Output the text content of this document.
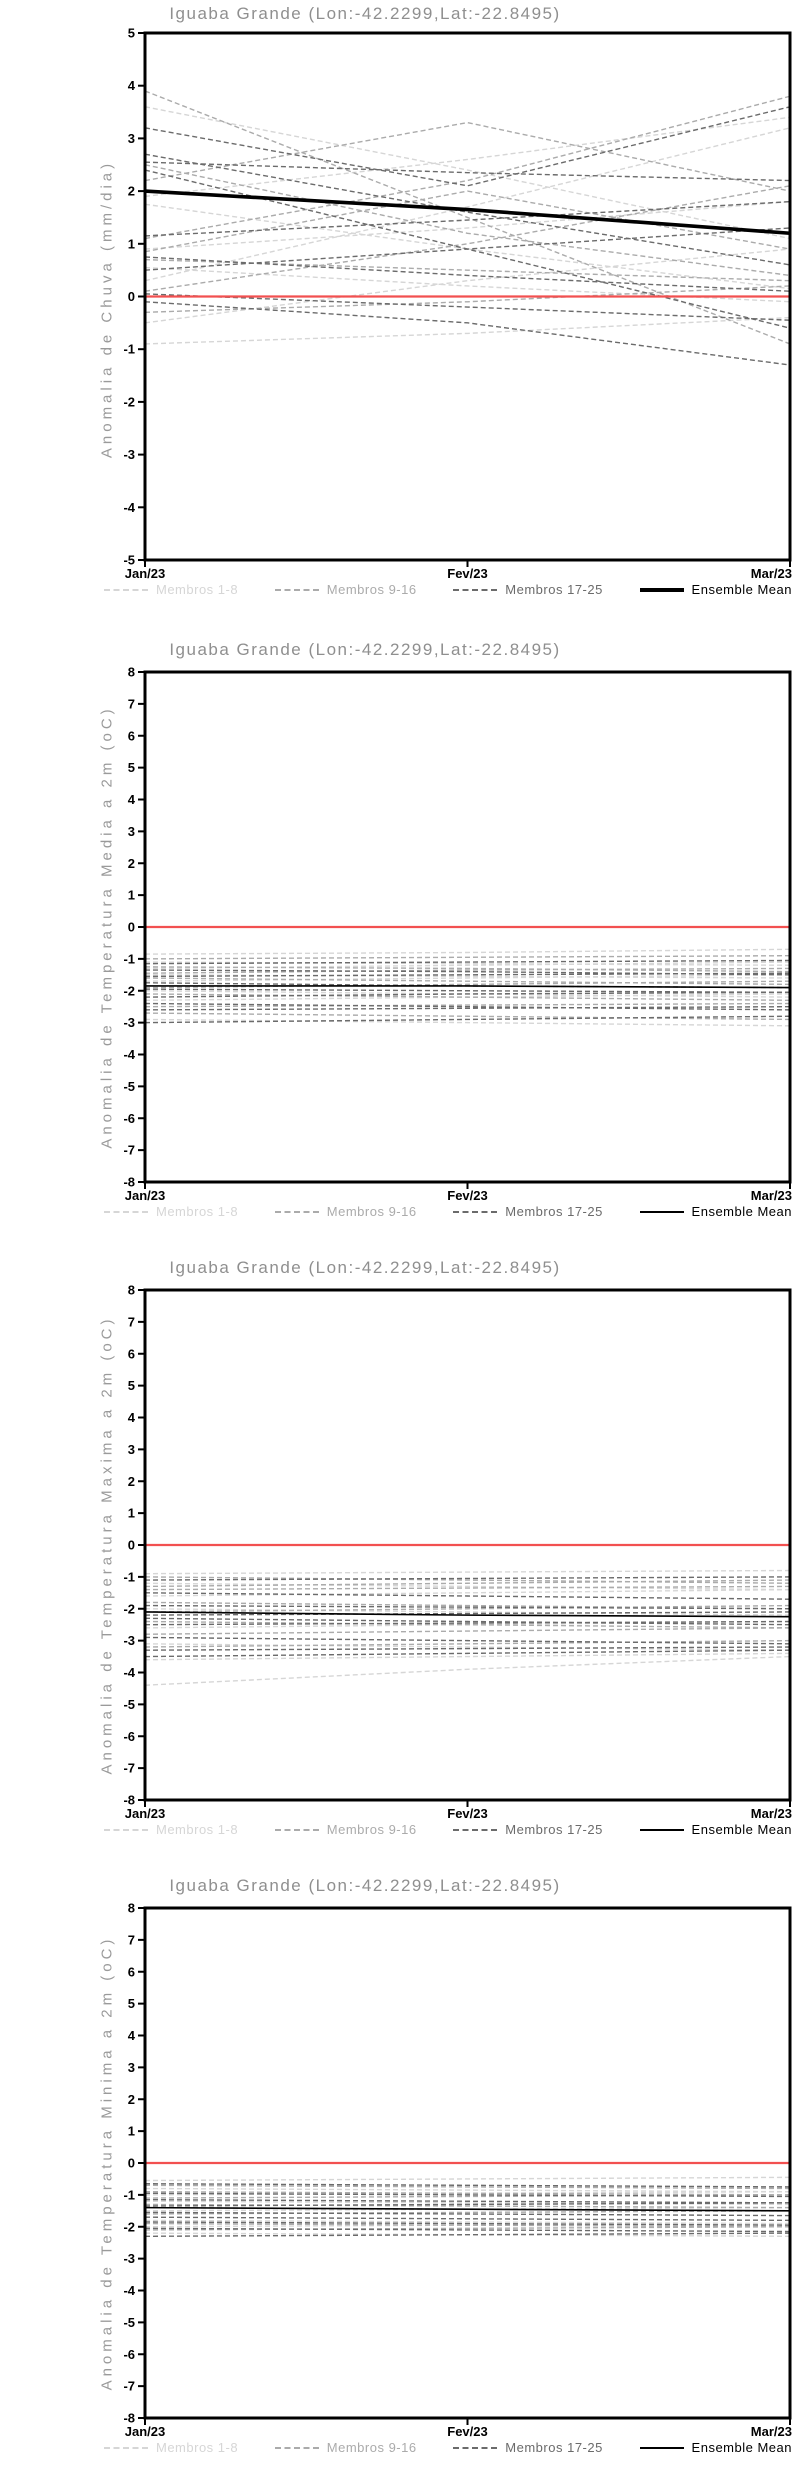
Iguaba Grande (Lon:-42.2299,Lat:-22.8495)
Anomalia de Chuva (mm/dia)
5
4
3
2
1
0
-1
-2
-3
-4
-5
Jan/23	Fev/23	Mar/23
Membros 1-8	Membros 9-16	Membros 17-25	Ensemble Mean
Iguaba Grande (Lon:-42.2299,Lat:-22.8495)
Anomalia de Temperatura Media a 2m (oC)
8
7
6
5
4
3
2
1
0
-1
-2
-3
-4
-5
-6
-7
-8
Jan/23	Fev/23	Mar/23
Membros 1-8	Membros 9-16	Membros 17-25	Ensemble Mean
Iguaba Grande (Lon:-42.2299,Lat:-22.8495)
Anomalia de Temperatura Maxima a 2m (oC)
8
7
6
5
4
3
2
1
0
-1
-2
-3
-4
-5
-6
-7
-8
Jan/23	Fev/23	Mar/23
Membros 1-8	Membros 9-16	Membros 17-25	Ensemble Mean
Iguaba Grande (Lon:-42.2299,Lat:-22.8495)
Anomalia de Temperatura Minima a 2m (oC)
8
7
6
5
4
3
2
1
0
-1
-2
-3
-4
-5
-6
-7
-8
Jan/23	Fev/23	Mar/23
Membros 1-8	Membros 9-16	Membros 17-25	Ensemble Mean
